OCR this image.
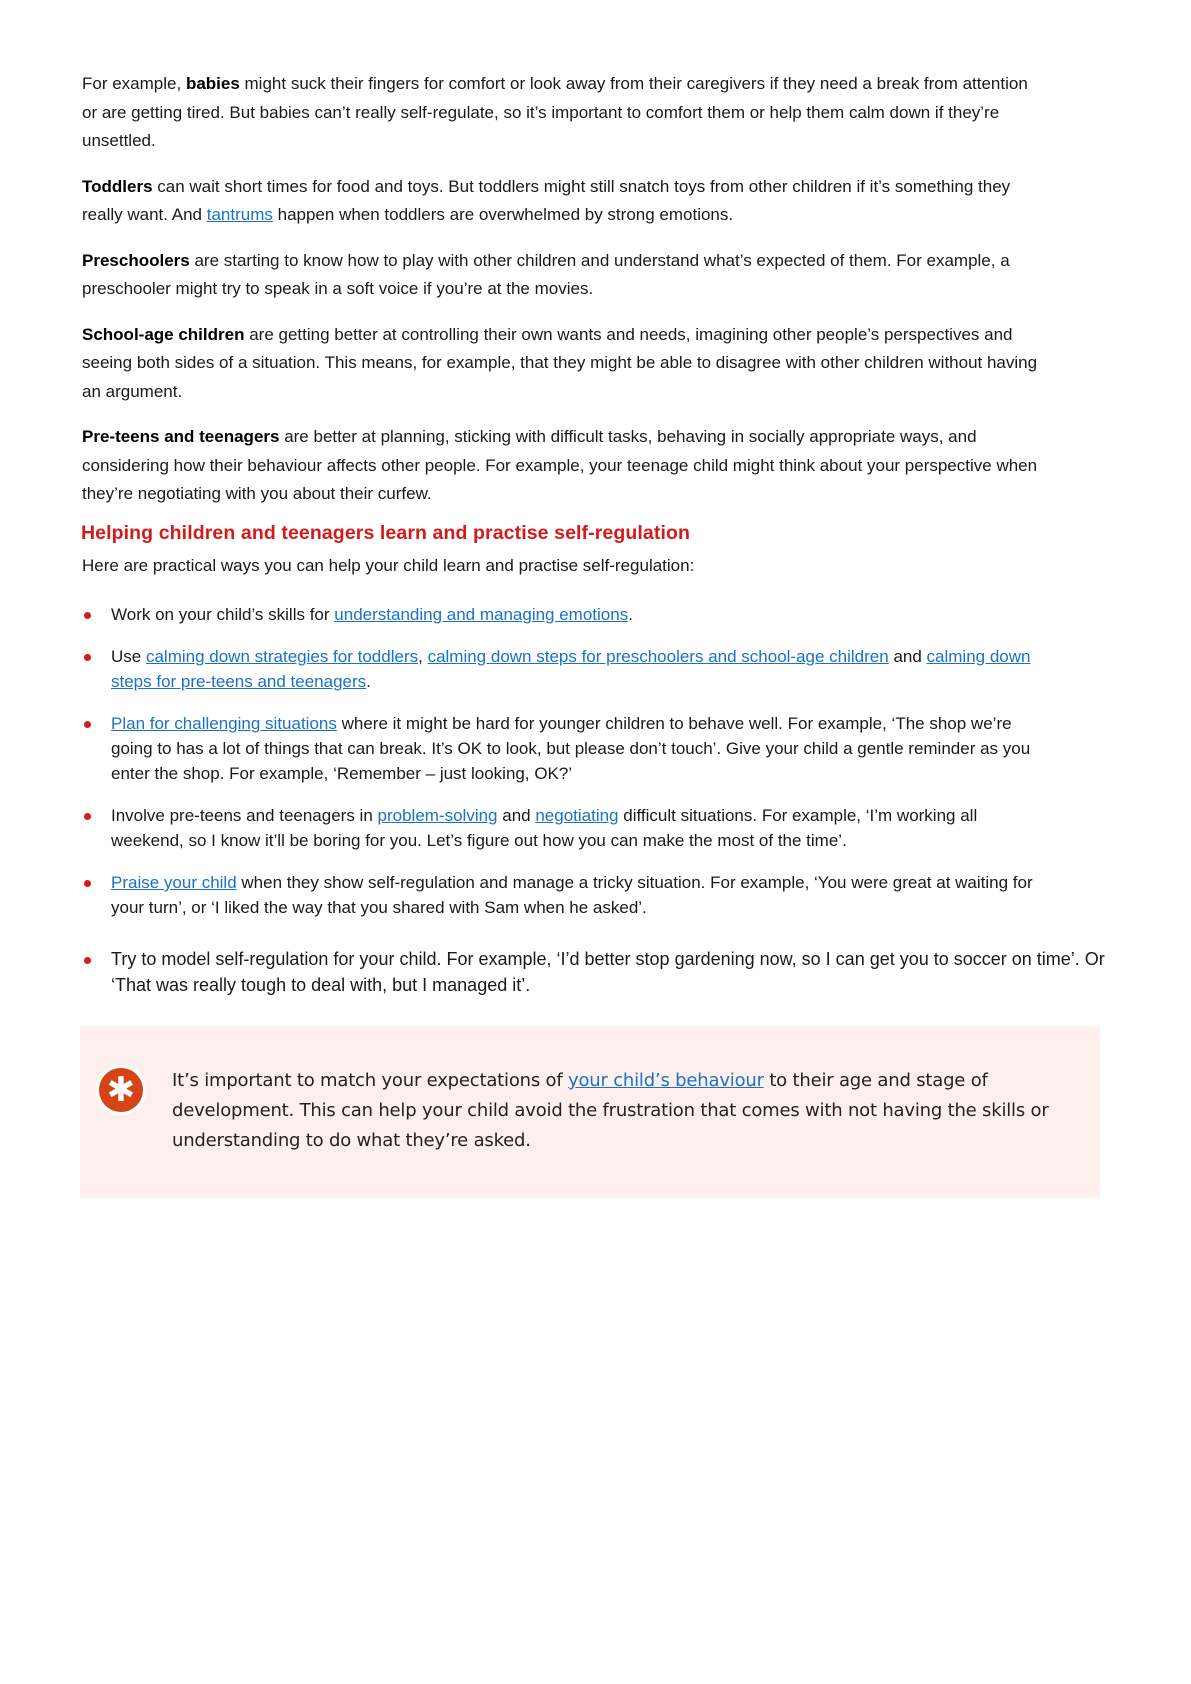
For example, babies might suck their fingers for comfort or look away from their caregivers if they need a break from attention or are getting tired. But babies can’t really self-regulate, so it’s important to comfort them or help them calm down if they’re unsettled.

Toddlers can wait short times for food and toys. But toddlers might still snatch toys from other children if it’s something they really want. And tantrums happen when toddlers are overwhelmed by strong emotions.

Preschoolers are starting to know how to play with other children and understand what’s expected of them. For example, a preschooler might try to speak in a soft voice if you’re at the movies.

School-age children are getting better at controlling their own wants and needs, imagining other people’s perspectives and seeing both sides of a situation. This means, for example, that they might be able to disagree with other children without having an argument.

Pre-teens and teenagers are better at planning, sticking with difficult tasks, behaving in socially appropriate ways, and considering how their behaviour affects other people. For example, your teenage child might think about your perspective when they’re negotiating with you about their curfew.

Helping children and teenagers learn and practise self-regulation

Here are practical ways you can help your child learn and practise self-regulation:

Work on your child’s skills for understanding and managing emotions.
Use calming down strategies for toddlers, calming down steps for preschoolers and school-age children and calming down steps for pre-teens and teenagers.
Plan for challenging situations where it might be hard for younger children to behave well. For example, ‘The shop we’re going to has a lot of things that can break. It’s OK to look, but please don’t touch’. Give your child a gentle reminder as you enter the shop. For example, ‘Remember – just looking, OK?’
Involve pre-teens and teenagers in problem-solving and negotiating difficult situations. For example, ‘I’m working all weekend, so I know it’ll be boring for you. Let’s figure out how you can make the most of the time’.
Praise your child when they show self-regulation and manage a tricky situation. For example, ‘You were great at waiting for your turn’, or ‘I liked the way that you shared with Sam when he asked’.
Try to model self-regulation for your child. For example, ‘I’d better stop gardening now, so I can get you to soccer on time’. Or ‘That was really tough to deal with, but I managed it’.
✱	It’s important to match your expectations of your child’s behaviour to their age and stage of development. This can help your child avoid the frustration that comes with not having the skills or understanding to do what they’re asked.
